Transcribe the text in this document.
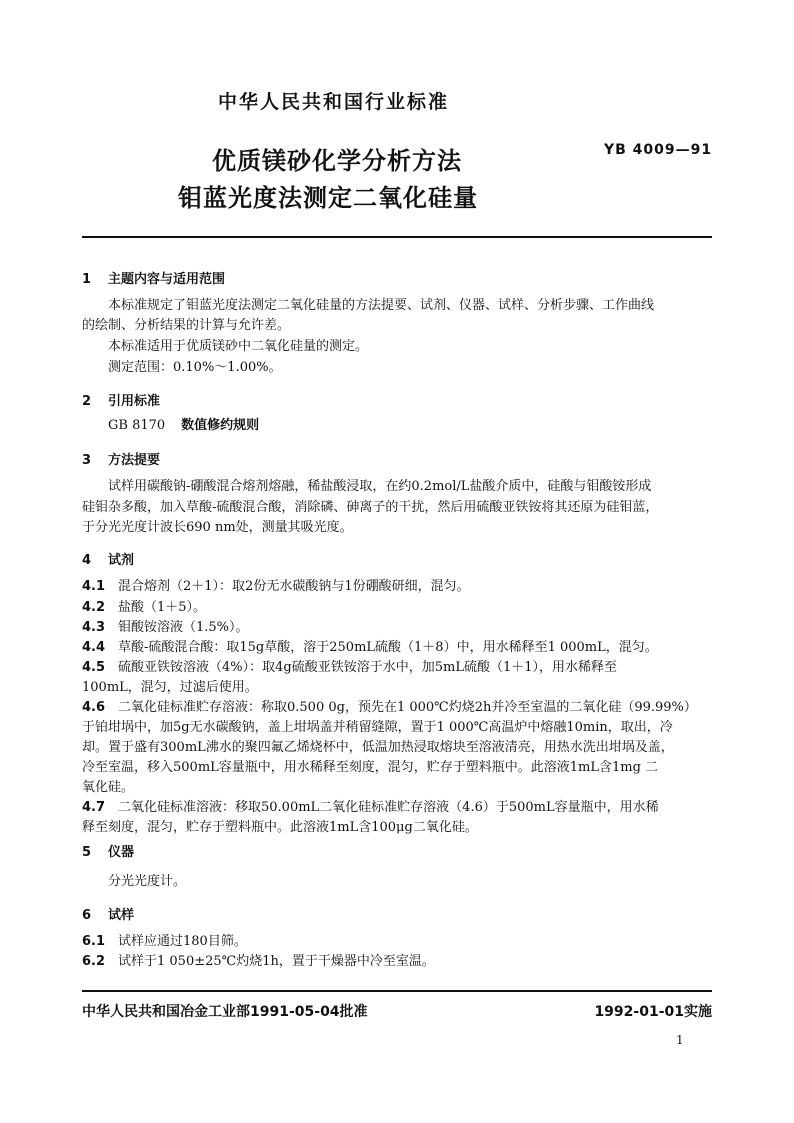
中华人民共和国行业标准
优质镁砂化学分析方法
钼蓝光度法测定二氧化硅量
YB 4009—91
1 主题内容与适用范围
本标准规定了钼蓝光度法测定二氧化硅量的方法提要、试剂、仪器、试样、分析步骤、工作曲线
的绘制、分析结果的计算与允许差。
本标准适用于优质镁砂中二氧化硅量的测定。
测定范围：0.10%～1.00%。
2 引用标准
GB 8170 数值修约规则
3 方法提要
试样用碳酸钠-硼酸混合熔剂熔融，稀盐酸浸取，在约0.2mol/L盐酸介质中，硅酸与钼酸铵形成
硅钼杂多酸，加入草酸-硫酸混合酸，消除磷、砷离子的干扰，然后用硫酸亚铁铵将其还原为硅钼蓝，
于分光光度计波长690 nm处，测量其吸光度。
4 试剂
4.1 混合熔剂（2＋1）：取2份无水碳酸钠与1份硼酸研细，混匀。
4.2 盐酸（1＋5）。
4.3 钼酸铵溶液（1.5%）。
4.4 草酸-硫酸混合酸：取15g草酸，溶于250mL硫酸（1＋8）中，用水稀释至1 000mL，混匀。
4.5 硫酸亚铁铵溶液（4%）：取4g硫酸亚铁铵溶于水中，加5mL硫酸（1＋1），用水稀释至
100mL，混匀，过滤后使用。
4.6 二氧化硅标准贮存溶液：称取0.500 0g，预先在1 000℃灼烧2h并冷至室温的二氧化硅（99.99%）
于铂坩埚中，加5g无水碳酸钠，盖上坩埚盖并稍留缝隙，置于1 000℃高温炉中熔融10min，取出，冷
却。置于盛有300mL沸水的聚四氟乙烯烧杯中，低温加热浸取熔块至溶液清亮，用热水洗出坩埚及盖，
冷至室温，移入500mL容量瓶中，用水稀释至刻度，混匀，贮存于塑料瓶中。此溶液1mL含1mg 二
氧化硅。
4.7 二氧化硅标准溶液：移取50.00mL二氧化硅标准贮存溶液（4.6）于500mL容量瓶中，用水稀
释至刻度，混匀，贮存于塑料瓶中。此溶液1mL含100μg二氧化硅。
5 仪器
分光光度计。
6 试样
6.1 试样应通过180目筛。
6.2 试样于1 050±25℃灼烧1h，置于干燥器中冷至室温。
中华人民共和国冶金工业部1991-05-04批准	1992-01-01实施
1
